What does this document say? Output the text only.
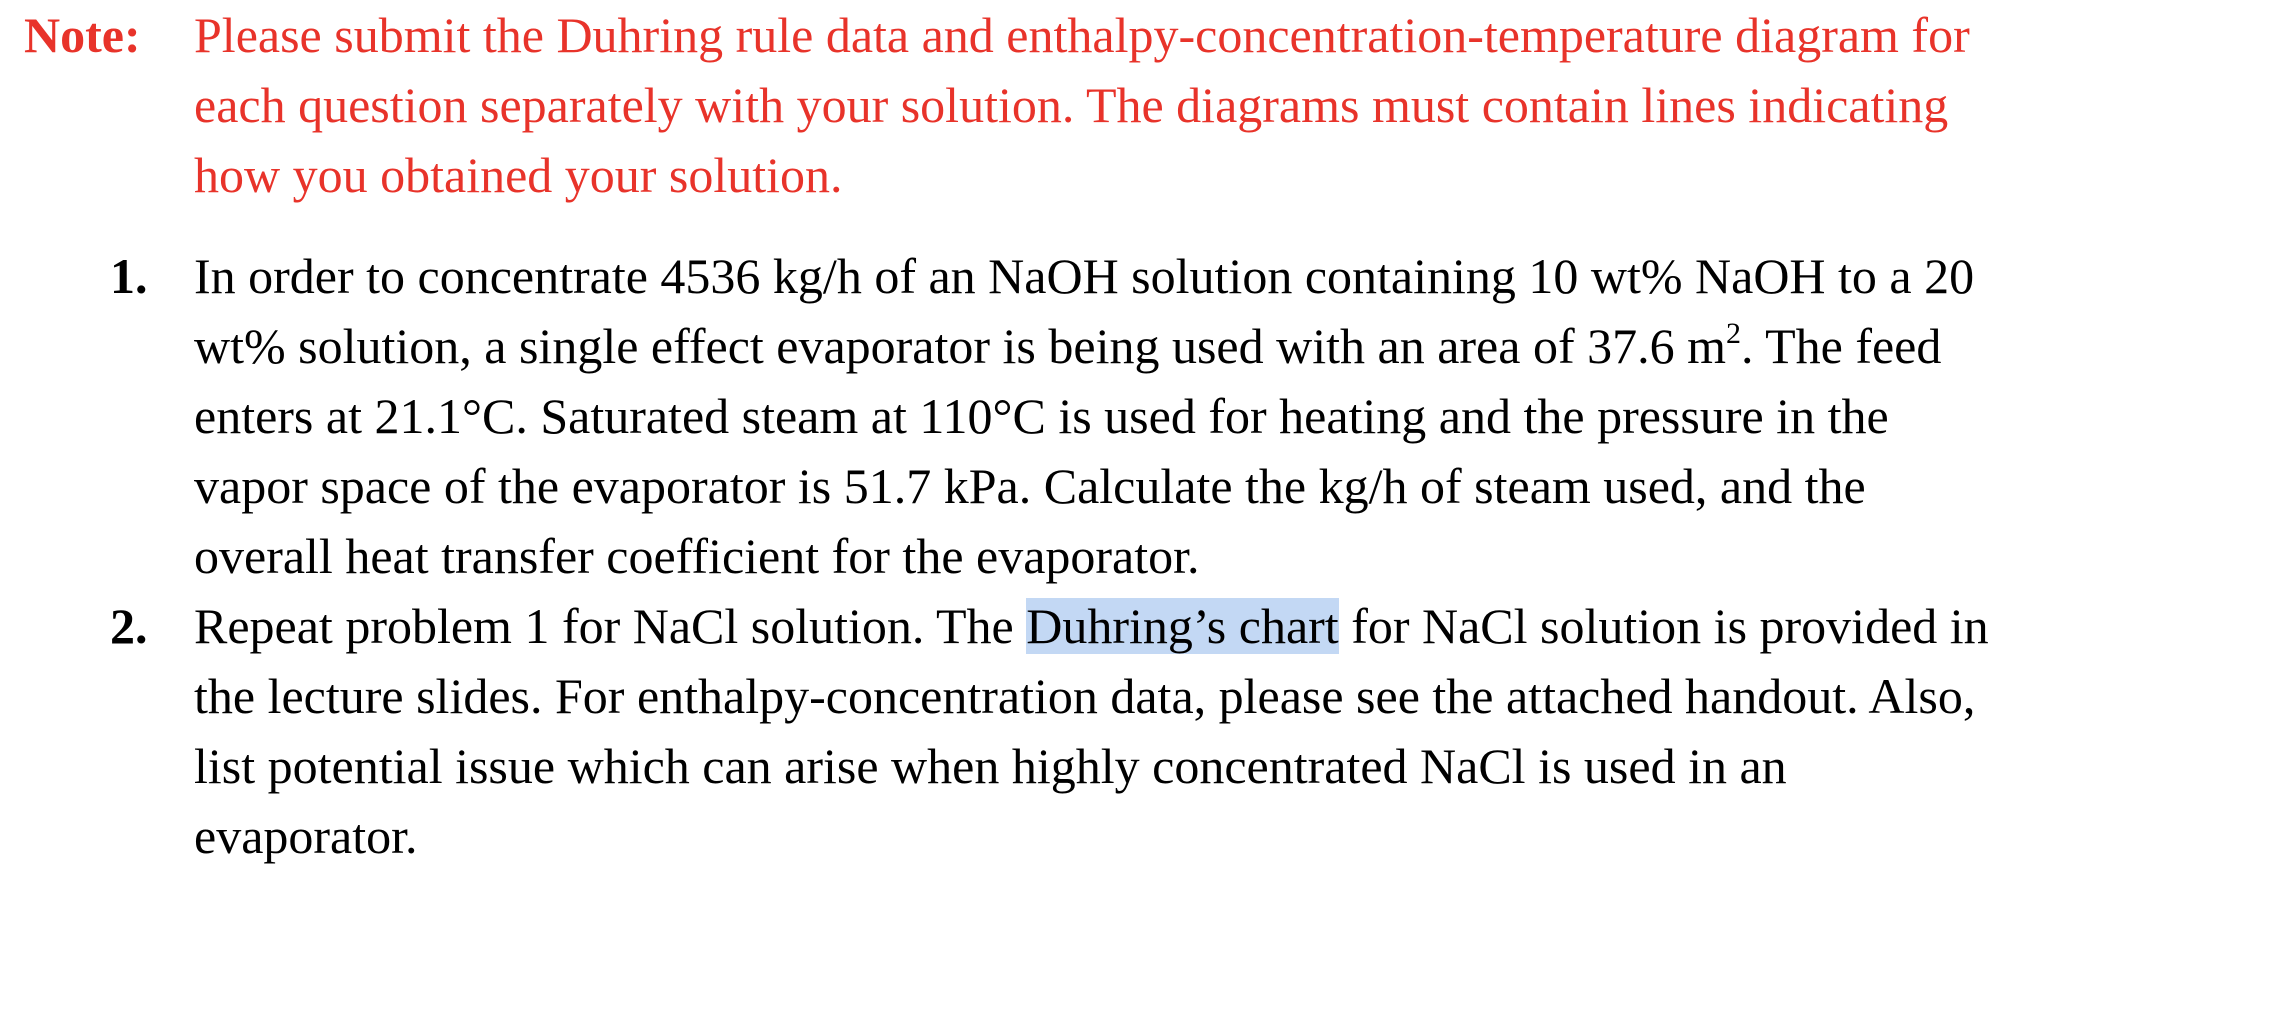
Note: Please submit the Duhring rule data and enthalpy-concentration-temperature diagram for
each question separately with your solution. The diagrams must contain lines indicating
how you obtained your solution.
1. In order to concentrate 4536 kg/h of an NaOH solution containing 10 wt% NaOH to a 20
wt% solution, a single effect evaporator is being used with an area of 37.6 $m^2$. The feed
enters at 21.1°C. Saturated steam at 110°C is used for heating and the pressure in the
vapor space of the evaporator is 51.7 kPa. Calculate the kg/h of steam used, and the
overall heat transfer coefficient for the evaporator.
2. Repeat problem 1 for NaCl solution. The Duhring’s chart for NaCl solution is provided in
the lecture slides. For enthalpy-concentration data, please see the attached handout. Also,
list potential issue which can arise when highly concentrated NaCl is used in an
evaporator.
